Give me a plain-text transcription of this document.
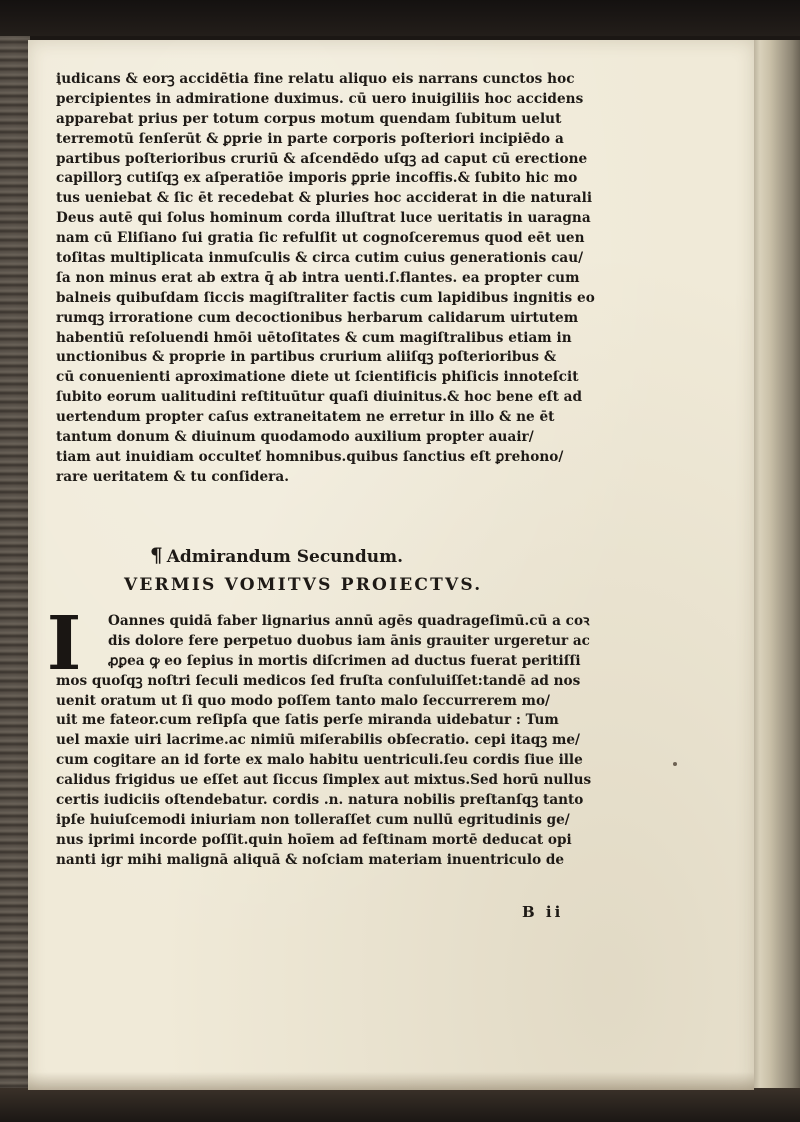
iudicans & eorꝫ accidētia fine relatu aliquo eis narrans cunctos hoc
percipientes in admiratione duximus. cū uero inuigiliis hoc accidens
apparebat prius per totum corpus motum quendam ſubitum uelut
terremotū ſenſerūt & ꝑprie in parte corporis poſteriori incipiēdo a
partibus poſterioribus cruriū & aſcendēdo uſqꝫ ad caput cū erectione
capillorꝫ cutiſqꝫ ex aſperatiōe imporis ꝑprie incoffis.& ſubito hic mo
tus ueniebat & ſic ēt recedebat & pluries hoc acciderat in die naturali
Deus autē qui ſolus hominum corda illuſtrat luce ueritatis in uaragna
nam cū Eliſiano ſui gratia ſic refulſit ut cognoſceremus quod eēt uen
toſitas multiplicata inmuſculis & circa cutim cuius generationis cau/
ſa non minus erat ab extra q̄ ab intra uenti.ſ.flantes. ea propter cum
balneis quibuſdam ſiccis magiſtraliter factis cum lapidibus ingnitis eo
rumqꝫ irroratione cum decoctionibus herbarum calidarum uirtutem
habentiū reſoluendi hmōi uētoſitates & cum magiſtralibus etiam in
unctionibus & proprie in partibus crurium aliiſqꝫ poſterioribus &
cū conuenienti aproximatione diete ut ſcientificis phiſicis innoteſcit
ſubito eorum ualitudini reſtituūtur quaſi diuinitus.& hoc bene eſt ad
uertendum propter caſus extraneitatem ne erretur in illo & ne ēt
tantum donum & diuinum quodamodo auxilium propter auair/
tiam aut inuidiam occulteť homnibus.quibus ſanctius eſt ꝑrehono/
rare ueritatem & tu conſiderа.
¶ Admirandum Secundum.
VERMIS VOMITVS PROIECTVS.
I	Oannes quidā faber lignarius annū agēs quadrageſimū.cū a coꝛ
dis dolore fere perpetuo duobus iam ānis grauiter urgeretur ac
ꝓꝑea ꝙ eo ſepius in mortis diſcrimen ad ductus fuerat peritiſſi
mos quoſqꝫ noſtri ſeculi medicos ſed fruſta conſuluiſſet:tandē ad nos
uenit oratum ut ſi quo modo poſſem tanto malo ſeccurrerem mo/
uit me fateor.cum reſipſa que ſatis perſe miranda uidebatur : Tum
uel maxie uiri lacrime.ac nimiū miſerabilis obſecratio. cepi itaqꝫ me/
cum cogitare an id forte ex malo habitu uentriculi.ſeu cordis ſiue ille
calidus frigidus ue eſſet aut ſiccus ſimplex aut mixtus.Sed horū nullus
certis iudiciis oſtendebatur. cordis .n. natura nobilis preſtanſqꝫ tanto
ipſe huiuſcemodi iniuriam non tolleraſſet cum nullū egritudinis ge/
nus iprimi incorde poſſit.quin hoīem ad feſtinam mortē deducat opi
nanti igr mihi malignā aliquā & noſciam materiam inuentriculo de
B ii
